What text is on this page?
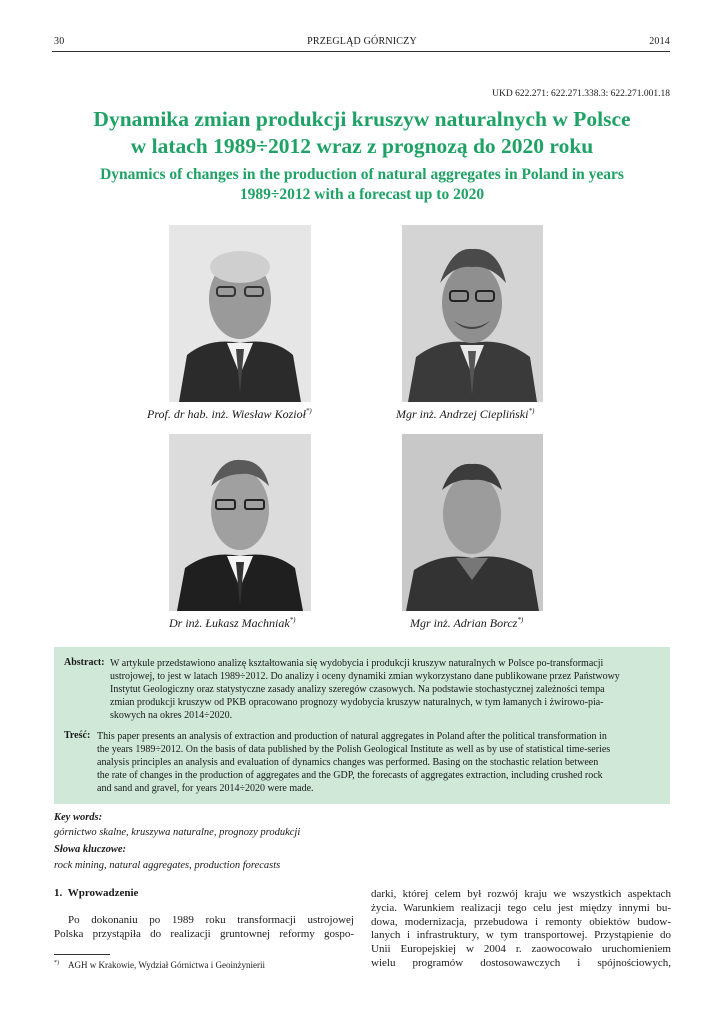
30	PRZEGLĄD GÓRNICZY	2014
UKD 622.271: 622.271.338.3: 622.271.001.18
Dynamika zmian produkcji kruszyw naturalnych w Polsce
w latach 1989÷2012 wraz z prognozą do 2020 roku
Dynamics of changes in the production of natural aggregates in Poland in years
1989÷2012 with a forecast up to 2020
Prof. dr hab. inż. Wiesław Kozioł*)	Mgr inż. Andrzej Ciepliński*)
Dr inż. Łukasz Machniak*)	Mgr inż. Adrian Borcz*)
Abstract: W artykule przedstawiono analizę kształtowania się wydobycia i produkcji kruszyw naturalnych w Polsce po-transformacji
ustrojowej, to jest w latach 1989÷2012. Do analizy i oceny dynamiki zmian wykorzystano dane publikowane przez Państwowy
Instytut Geologiczny oraz statystyczne zasady analizy szeregów czasowych. Na podstawie stochastycznej zależności tempa
zmian produkcji kruszyw od PKB opracowano prognozy wydobycia kruszyw naturalnych, w tym łamanych i żwirowo-pia-
skowych na okres 2014÷2020.
Treść: This paper presents an analysis of extraction and production of natural aggregates in Poland after the political transformation in
the years 1989÷2012. On the basis of data published by the Polish Geological Institute as well as by use of statistical time-series
analysis principles an analysis and evaluation of dynamics changes was performed. Basing on the stochastic relation between
the rate of changes in the production of aggregates and the GDP, the forecasts of aggregates extraction, including crushed rock
and sand and gravel, for years 2014÷2020 were made.
Key words:
górnictwo skalne, kruszywa naturalne, prognozy produkcji
Słowa kluczowe:
rock mining, natural aggregates, production forecasts
1. Wprowadzenie
Po dokonaniu po 1989 roku transformacji ustrojowej
Polska przystąpiła do realizacji gruntownej reformy gospo-
darki, której celem był rozwój kraju we wszystkich aspektach
życia. Warunkiem realizacji tego celu jest między innymi bu-
dowa, modernizacja, przebudowa i remonty obiektów budow-
lanych i infrastruktury, w tym transportowej. Przystąpienie do
Unii Europejskiej w 2004 r. zaowocowało uruchomieniem
wielu programów dostosowawczych i spójnościowych,
*) AGH w Krakowie, Wydział Górnictwa i Geoinżynierii
